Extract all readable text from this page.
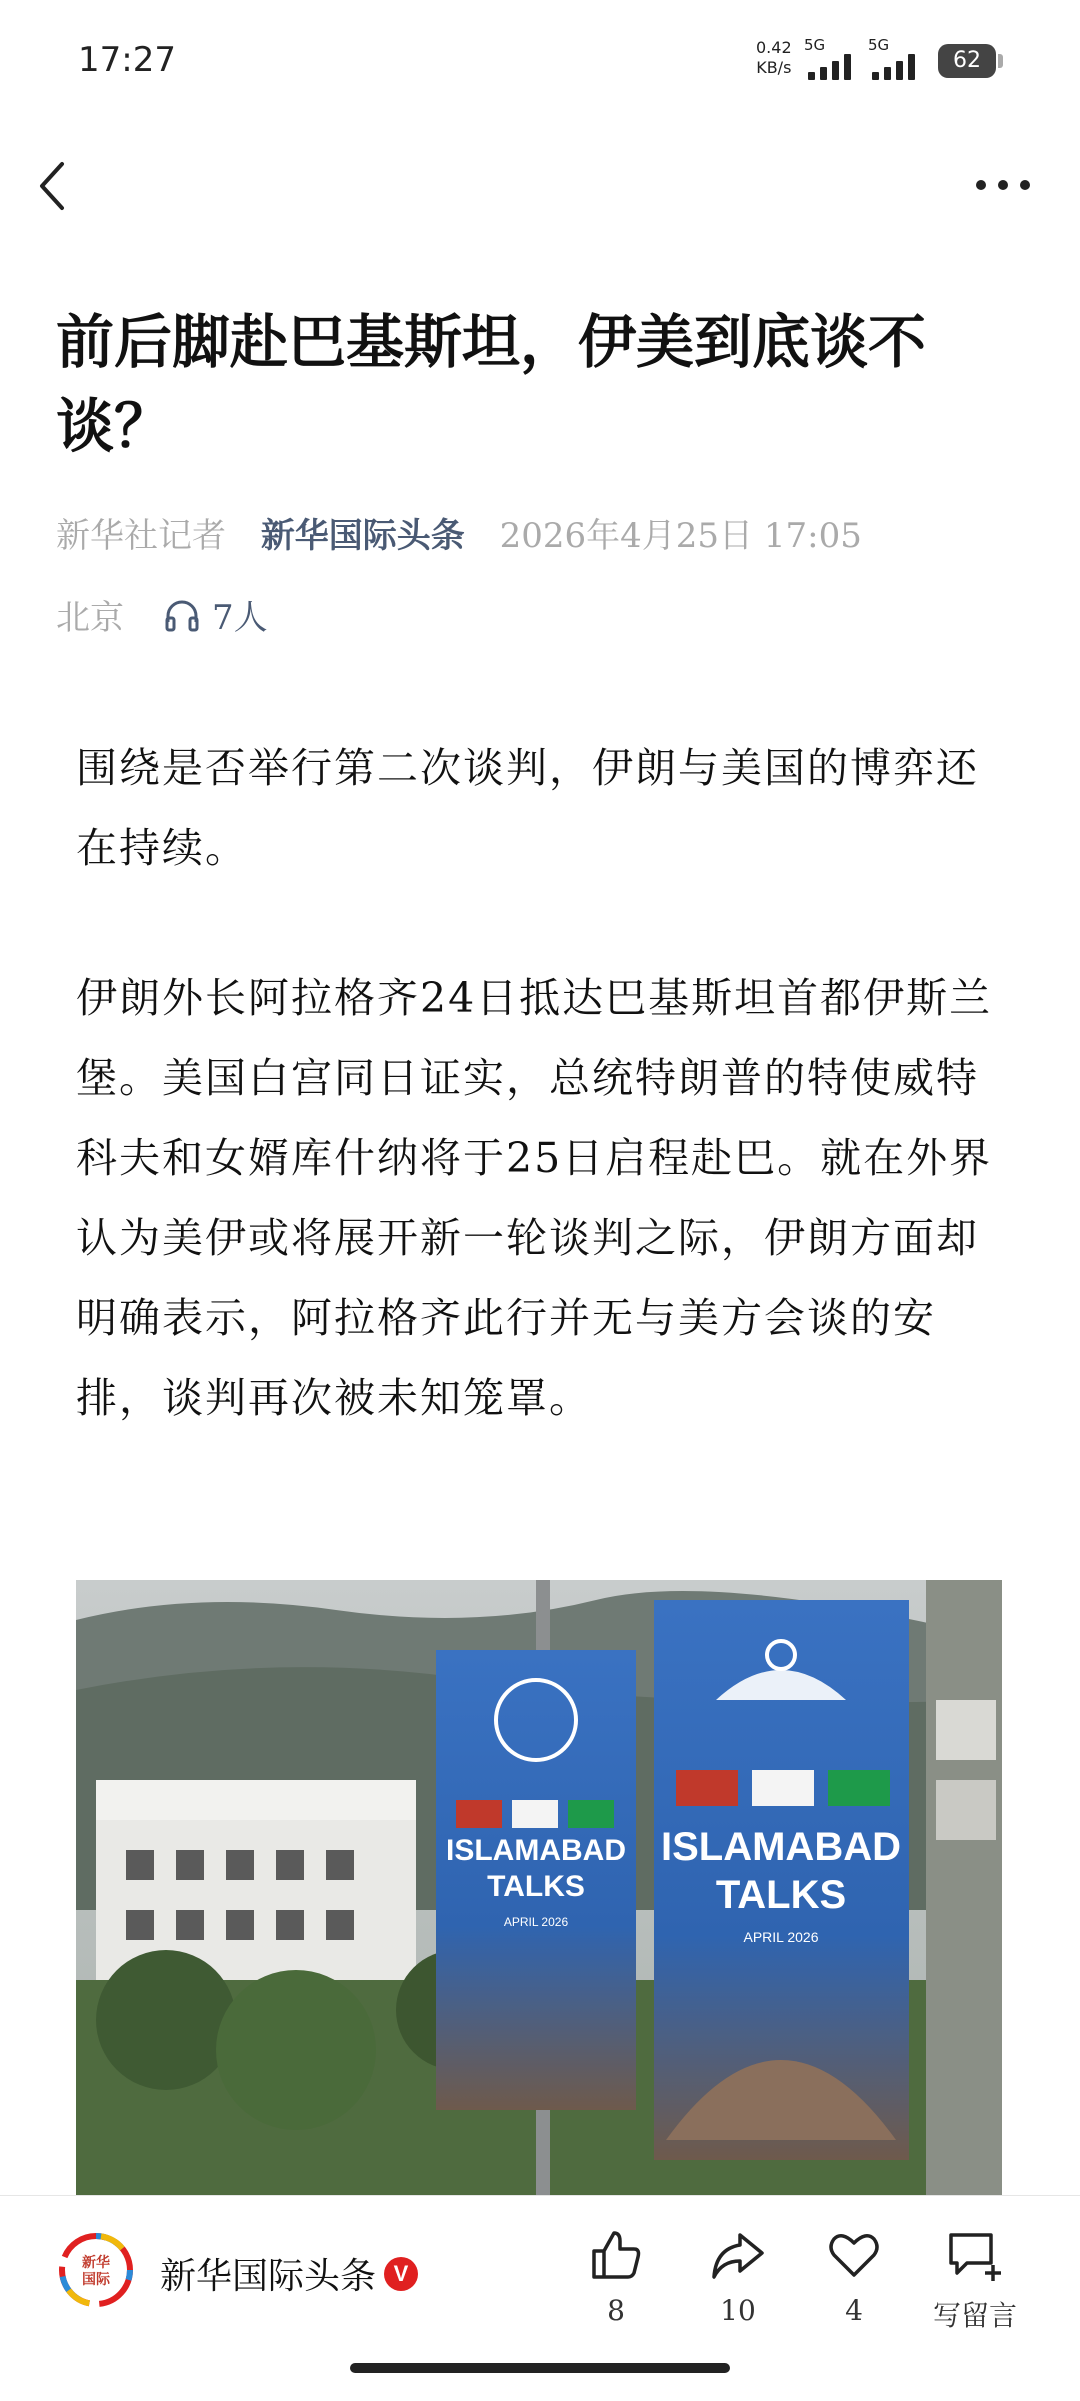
17:27	0.42
KB/s
5G	5G
62
前后脚赴巴基斯坦，伊美到底谈不谈？
新华社记者 新华国际头条 2026年4月25日 17:05
北京	7人
围绕是否举行第二次谈判，伊朗与美国的博弈还在持续。
伊朗外长阿拉格齐24日抵达巴基斯坦首都伊斯兰堡。美国白宫同日证实，总统特朗普的特使威特科夫和女婿库什纳将于25日启程赴巴。就在外界认为美伊或将展开新一轮谈判之际，伊朗方面却明确表示，阿拉格齐此行并无与美方会谈的安排，谈判再次被未知笼罩。
ISLAMABAD
TALKS
APRIL 2026
ISLAMABAD
TALKS
APRIL 2026
新华
国际 新华国际头条 V
8	10	4	写留言
